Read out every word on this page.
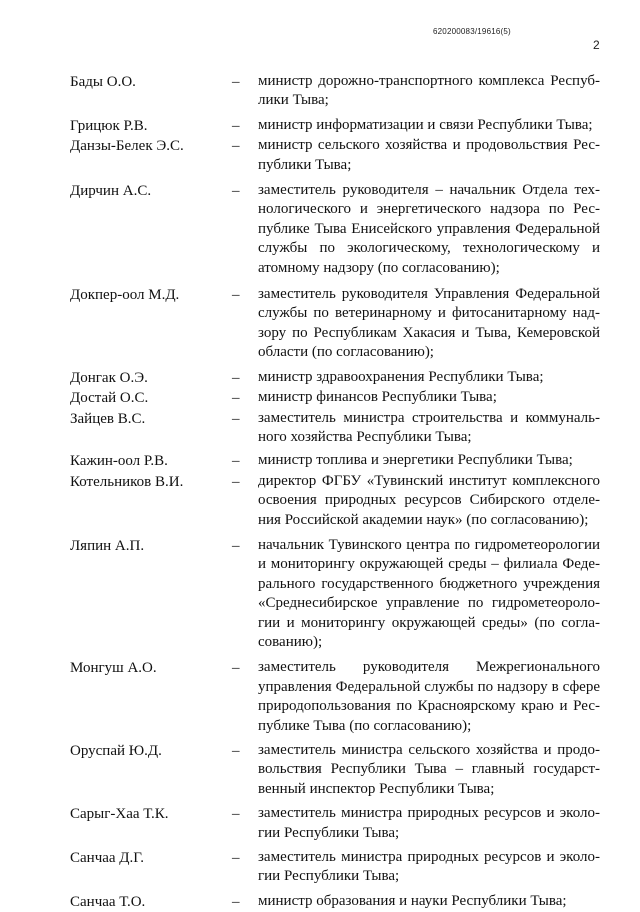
620200083/19616(5)
2
Бады О.О.	– министр дорожно-транспортного комплекса Респуб-лики Тыва;
Грицюк Р.В.	– министр информатизации и связи Республики Тыва;
Данзы-Белек Э.С.	– министр сельского хозяйства и продовольствия Рес-публики Тыва;
Дирчин А.С.	– заместитель руководителя – начальник Отдела тех-нологического и энергетического надзора по Рес-публике Тыва Енисейского управления Федеральной службы по экологическому, технологическому и атомному надзору (по согласованию);
Докпер-оол М.Д.	– заместитель руководителя Управления Федеральной службы по ветеринарному и фитосанитарному над-зору по Республикам Хакасия и Тыва, Кемеровской области (по согласованию);
Донгак О.Э.	– министр здравоохранения Республики Тыва;
Достай О.С.	– министр финансов Республики Тыва;
Зайцев В.С.	– заместитель министра строительства и коммуналь-ного хозяйства Республики Тыва;
Кажин-оол Р.В.	– министр топлива и энергетики Республики Тыва;
Котельников В.И.	– директор ФГБУ «Тувинский институт комплексного освоения природных ресурсов Сибирского отделе-ния Российской академии наук» (по согласованию);
Ляпин А.П.	– начальник Тувинского центра по гидрометеорологии и мониторингу окружающей среды – филиала Феде-рального государственного бюджетного учреждения «Среднесибирское управление по гидрометеороло-гии и мониторингу окружающей среды» (по согла-сованию);
Монгуш А.О.	– заместитель руководителя Межрегионального управления Федеральной службы по надзору в сфере природопользования по Красноярскому краю и Рес-публике Тыва (по согласованию);
Оруспай Ю.Д.	– заместитель министра сельского хозяйства и продо-вольствия Республики Тыва – главный государст-венный инспектор Республики Тыва;
Сарыг-Хаа Т.К.	– заместитель министра природных ресурсов и эколо-гии Республики Тыва;
Санчаа Д.Г.	– заместитель министра природных ресурсов и эколо-гии Республики Тыва;
Санчаа Т.О.	– министр образования и науки Республики Тыва;
